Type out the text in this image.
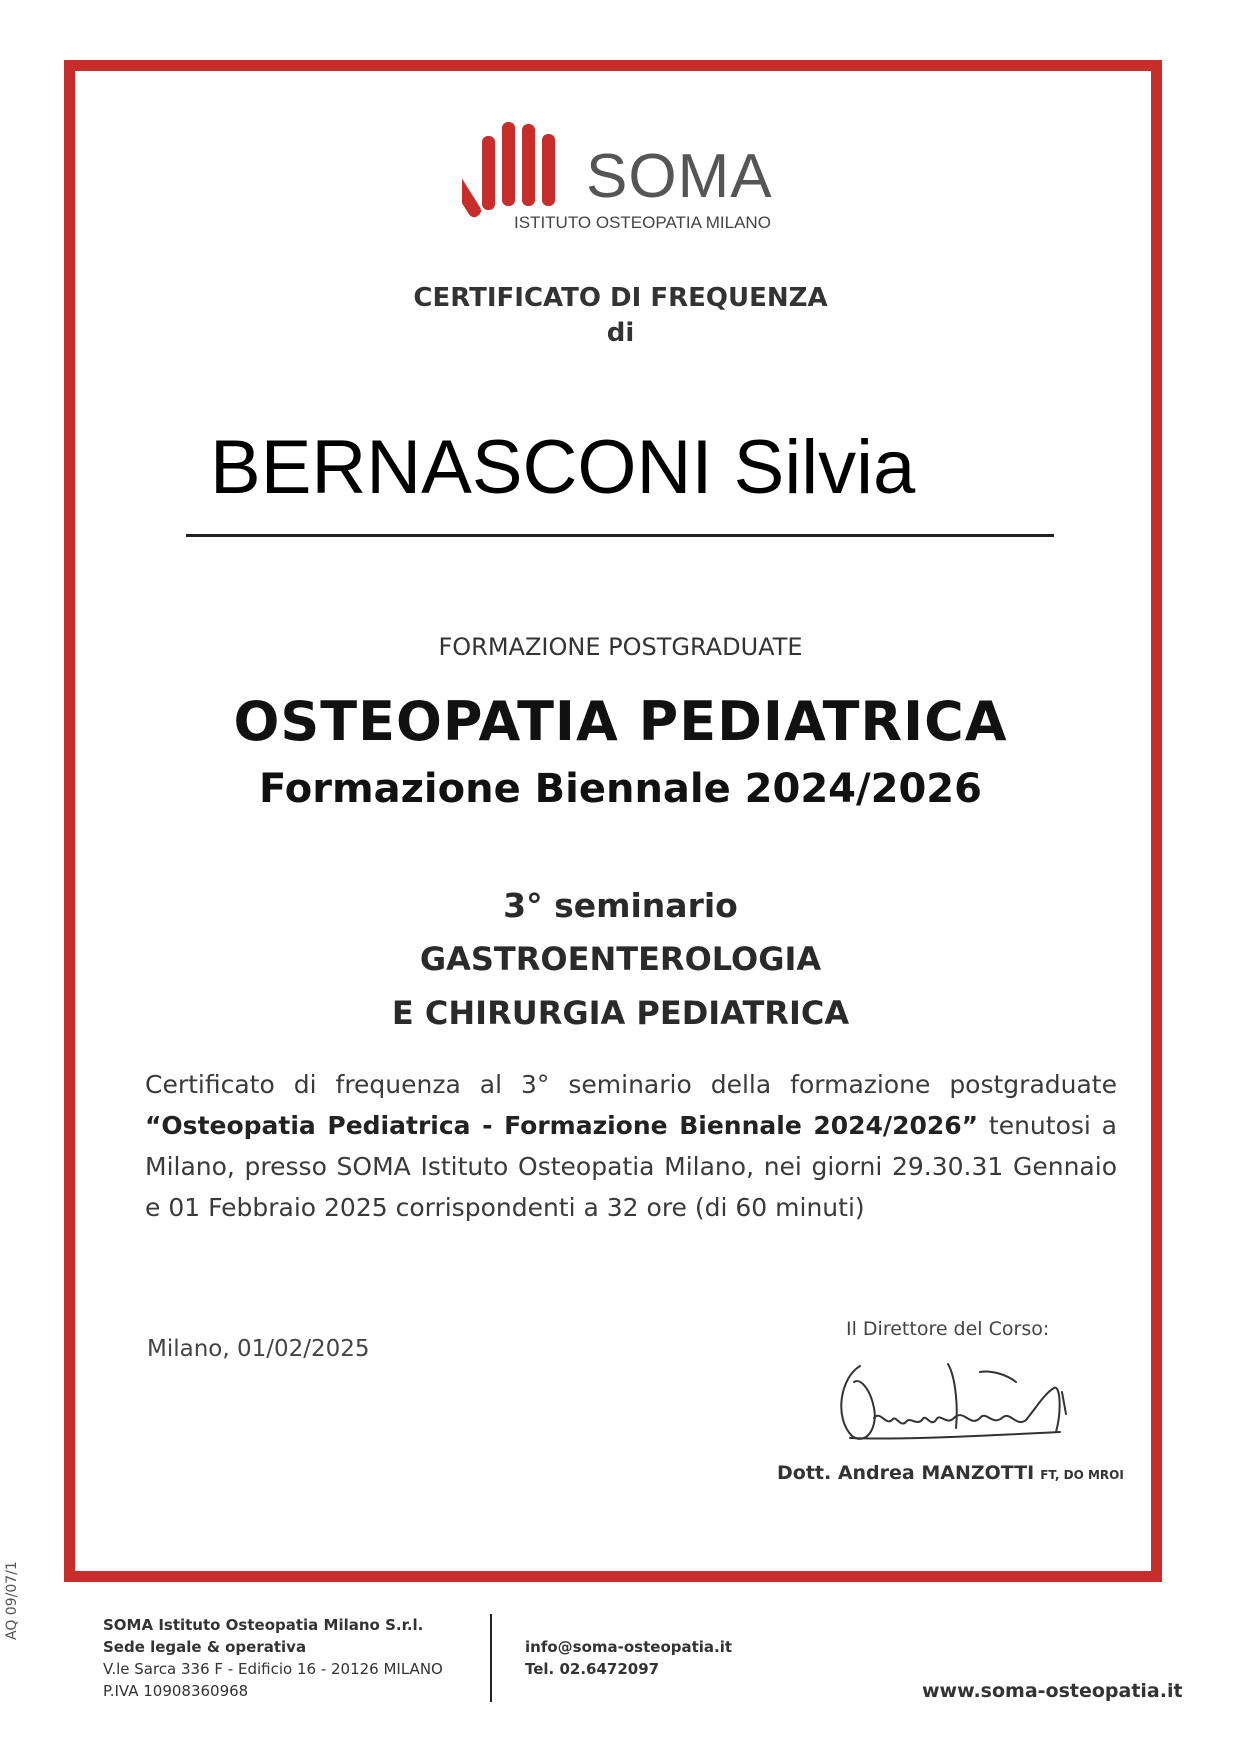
SOMA
ISTITUTO OSTEOPATIA MILANO
CERTIFICATO DI FREQUENZA
di
BERNASCONI Silvia
FORMAZIONE POSTGRADUATE
OSTEOPATIA PEDIATRICA
Formazione Biennale 2024/2026
3° seminario
GASTROENTEROLOGIA
E CHIRURGIA PEDIATRICA
Certificato di frequenza al 3° seminario della formazione postgraduate “Osteopatia Pediatrica - Formazione Biennale 2024/2026” tenutosi a Milano, presso SOMA Istituto Osteopatia Milano, nei giorni 29.30.31 Gennaio e 01 Febbraio 2025 corrispondenti a 32 ore (di 60 minuti)
Milano, 01/02/2025
Il Direttore del Corso:
Dott. Andrea MANZOTTI FT, DO MROI
AQ 09/07/1	SOMA Istituto Osteopatia Milano S.r.l.
Sede legale & operativa
V.le Sarca 336 F - Edificio 16 - 20126 MILANO
P.IVA 10908360968
info@soma-osteopatia.it
Tel. 02.6472097
www.soma-osteopatia.it
